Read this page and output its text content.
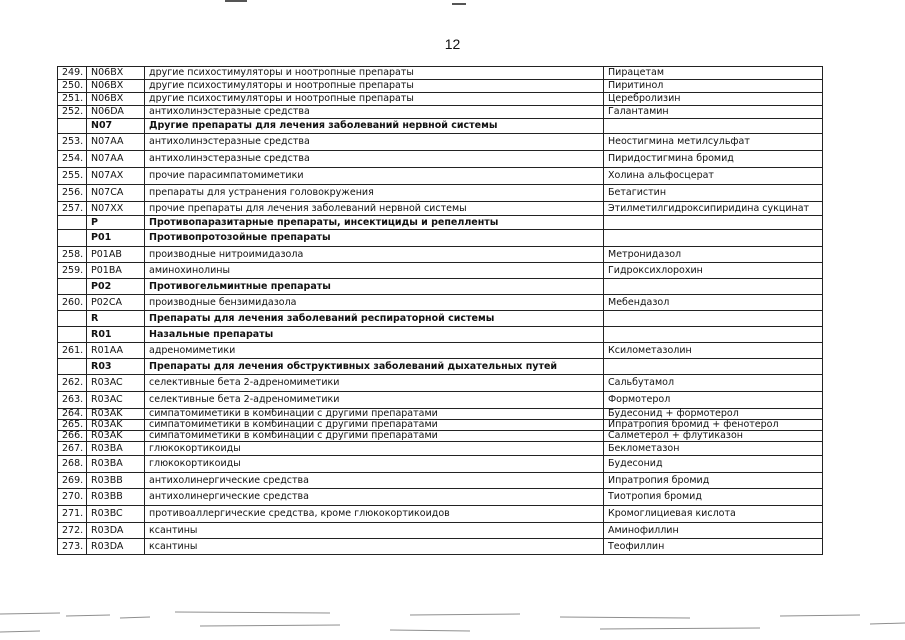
12
249.	N06BX	другие психостимуляторы и ноотропные препараты	Пирацетам
250.	N06BX	другие психостимуляторы и ноотропные препараты	Пиритинол
251.	N06BX	другие психостимуляторы и ноотропные препараты	Церебролизин
252.	N06DA	антихолинэстеразные средства	Галантамин
	N07	Другие препараты для лечения заболеваний нервной системы	
253.	N07AA	антихолинэстеразные средства	Неостигмина метилсульфат
254.	N07AA	антихолинэстеразные средства	Пиридостигмина бромид
255.	N07AX	прочие парасимпатомиметики	Холина альфосцерат
256.	N07CA	препараты для устранения головокружения	Бетагистин
257.	N07XX	прочие препараты для лечения заболеваний нервной системы	Этилметилгидроксипиридина сукцинат
	P	Противопаразитарные препараты, инсектициды и репелленты	
	P01	Противопротозойные препараты	
258.	P01AB	производные нитроимидазола	Метронидазол
259.	P01BA	аминохинолины	Гидроксихлорохин
	P02	Противогельминтные препараты	
260.	P02CA	производные бензимидазола	Мебендазол
	R	Препараты для лечения заболеваний респираторной системы	
	R01	Назальные препараты	
261.	R01AA	адреномиметики	Ксилометазолин
	R03	Препараты для лечения обструктивных заболеваний дыхательных путей	
262.	R03AC	селективные бета 2-адреномиметики	Сальбутамол
263.	R03AC	селективные бета 2-адреномиметики	Формотерол
264.	R03AK	симпатомиметики в комбинации с другими препаратами	Будесонид + формотерол
265.	R03AK	симпатомиметики в комбинации с другими препаратами	Ипратропия бромид + фенотерол
266.	R03AK	симпатомиметики в комбинации с другими препаратами	Салметерол + флутиказон
267.	R03BA	глюкокортикоиды	Беклометазон
268.	R03BA	глюкокортикоиды	Будесонид
269.	R03BB	антихолинергические средства	Ипратропия бромид
270.	R03BB	антихолинергические средства	Тиотропия бромид
271.	R03BC	противоаллергические средства, кроме глюкокортикоидов	Кромоглициевая кислота
272.	R03DA	ксантины	Аминофиллин
273.	R03DA	ксантины	Теофиллин
